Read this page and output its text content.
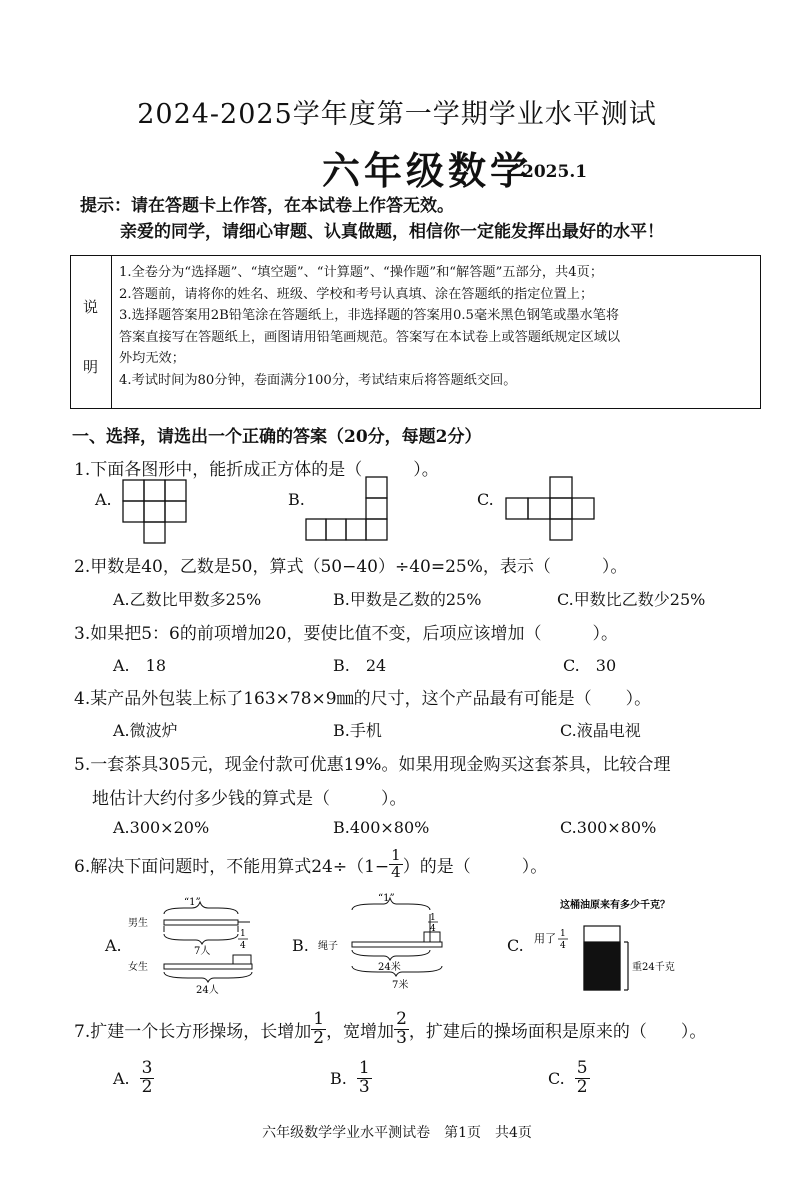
2024-2025学年度第一学期学业水平测试
六年级数学
2025.1
提示：请在答题卡上作答，在本试卷上作答无效。
亲爱的同学，请细心审题、认真做题，相信你一定能发挥出最好的水平！
说
明
1.全卷分为“选择题”、“填空题”、“计算题”、“操作题”和“解答题”五部分，共4页；
2.答题前，请将你的姓名、班级、学校和考号认真填、涂在答题纸的指定位置上；
3.选择题答案用2B铅笔涂在答题纸上，非选择题的答案用0.5毫米黑色钢笔或墨水笔将
答案直接写在答题纸上，画图请用铅笔画规范。答案写在本试卷上或答题纸规定区域以
外均无效；
4.考试时间为80分钟，卷面满分100分，考试结束后将答题纸交回。
一、选择，请选出一个正确的答案（20分，每题2分）
1.下面各图形中，能折成正方体的是（　　　）。
A.	B.	C.
2.甲数是40，乙数是50，算式（50−40）÷40=25%，表示（　　　）。
A.乙数比甲数多25%	B.甲数是乙数的25%	C.甲数比乙数少25%
3.如果把5：6的前项增加20，要使比值不变，后项应该增加（　　　）。
A.　18	B.　24	C.　30
4.某产品外包装上标了163×78×9㎜的尺寸，这个产品最有可能是（　　）。
A.微波炉	B.手机	C.液晶电视
5.一套茶具305元，现金付款可优惠19%。如果用现金购买这套茶具，比较合理
地估计大约付多少钱的算式是（　　　）。
A.300×20%	B.400×80%	C.300×80%
6.解决下面问题时，不能用算式$24\div(1- \frac{1}{4}$ ）的是（　　　）。
A.
男生
“1”
7人
1
4
女生
24人
B.
“1”
1
4
绳子
24米
7米
C.
这桶油原来有多少千克？
用了 1
4
重24千克
7.扩建一个长方形操场，长增加 $\frac{1}{2}$ ，宽增加 $\frac{2}{3}$ ，扩建后的操场面积是原来的（　　）。
A. $\frac{3}{2}$	B. $\frac{1}{3}$	C. $\frac{5}{2}$
六年级数学学业水平测试卷　第1页　共4页
